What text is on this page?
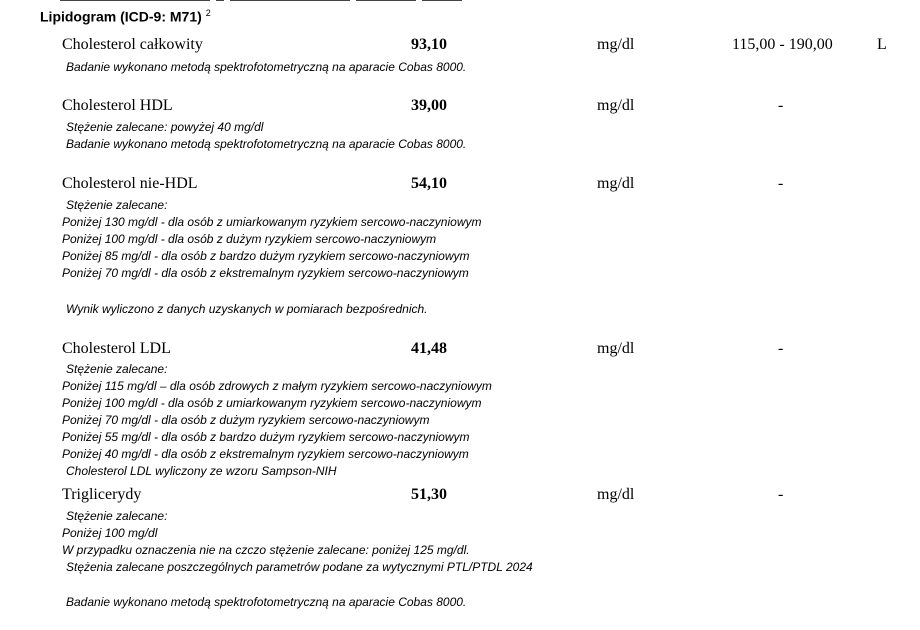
Lipidogram (ICD-9: M71) $^2$
Cholesterol całkowity	93,10	mg/dl	115,00 - 190,00	L
Badanie wykonano metodą spektrofotometryczną na aparacie Cobas 8000.
Cholesterol HDL	39,00	mg/dl	-
Stężenie zalecane: powyżej 40 mg/dl
Badanie wykonano metodą spektrofotometryczną na aparacie Cobas 8000.
Cholesterol nie-HDL	54,10	mg/dl	-
Stężenie zalecane:
Poniżej 130 mg/dl - dla osób z umiarkowanym ryzykiem sercowo-naczyniowym
Poniżej 100 mg/dl - dla osób z dużym ryzykiem sercowo-naczyniowym
Poniżej 85 mg/dl - dla osób z bardzo dużym ryzykiem sercowo-naczyniowym
Poniżej 70 mg/dl - dla osób z ekstremalnym ryzykiem sercowo-naczyniowym
Wynik wyliczono z danych uzyskanych w pomiarach bezpośrednich.
Cholesterol LDL	41,48	mg/dl	-
Stężenie zalecane:
Poniżej 115 mg/dl – dla osób zdrowych z małym ryzykiem sercowo-naczyniowym
Poniżej 100 mg/dl - dla osób z umiarkowanym ryzykiem sercowo-naczyniowym
Poniżej 70 mg/dl - dla osób z dużym ryzykiem sercowo-naczyniowym
Poniżej 55 mg/dl - dla osób z bardzo dużym ryzykiem sercowo-naczyniowym
Poniżej 40 mg/dl - dla osób z ekstremalnym ryzykiem sercowo-naczyniowym
Cholesterol LDL wyliczony ze wzoru Sampson-NIH
Triglicerydy	51,30	mg/dl	-
Stężenie zalecane:
Poniżej 100 mg/dl
W przypadku oznaczenia nie na czczo stężenie zalecane: poniżej 125 mg/dl.
Stężenia zalecane poszczególnych parametrów podane za wytycznymi PTL/PTDL 2024
Badanie wykonano metodą spektrofotometryczną na aparacie Cobas 8000.
